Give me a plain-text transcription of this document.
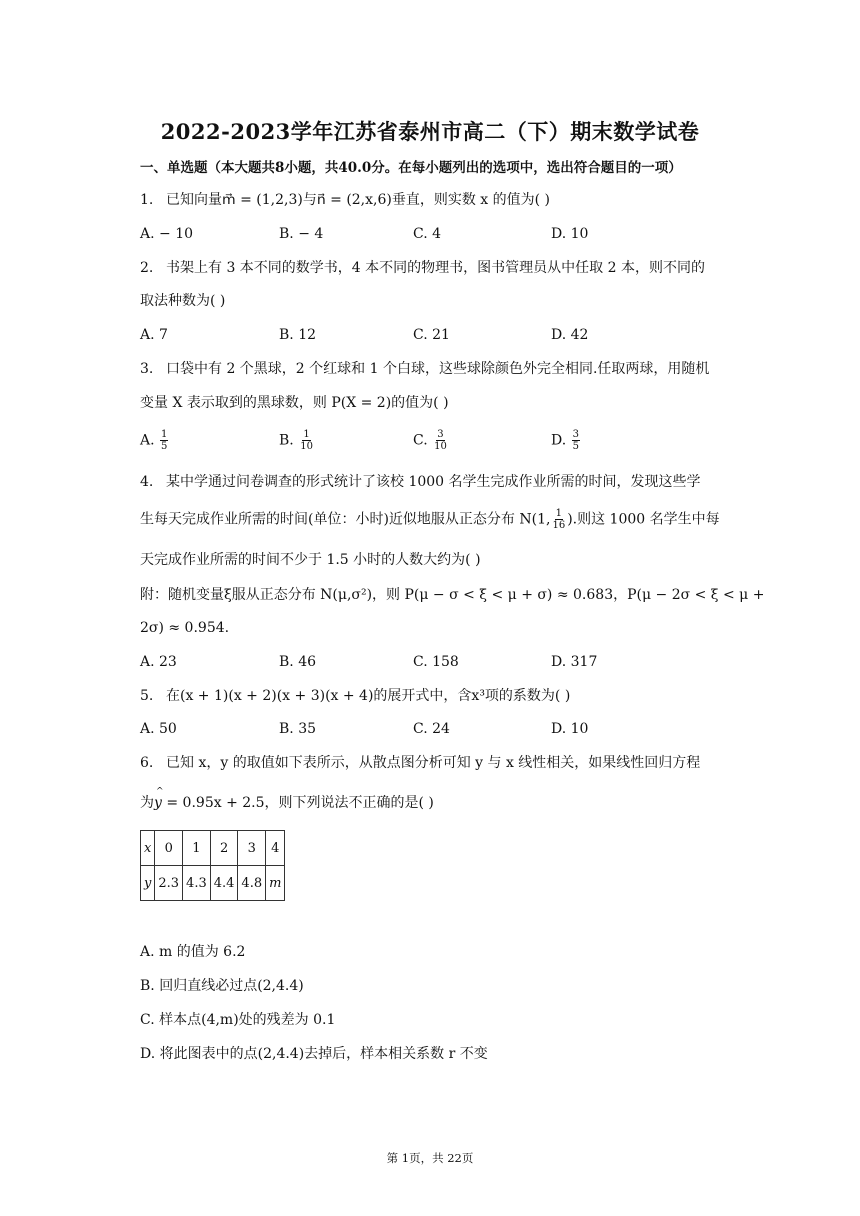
2022-2023学年江苏省泰州市高二（下）期末数学试卷
一、单选题（本大题共8小题，共40.0分。在每小题列出的选项中，选出符合题目的一项）
1. 已知向量m⃗ = (1,2,3)与n⃗ = (2,x,6)垂直，则实数 x 的值为( )
A. − 10	B. − 4	C. 4	D. 10
2. 书架上有 3 本不同的数学书，4 本不同的物理书，图书管理员从中任取 2 本，则不同的
取法种数为( )
A. 7	B. 12	C. 21	D. 42
3. 口袋中有 2 个黑球，2 个红球和 1 个白球，这些球除颜色外完全相同.任取两球，用随机
变量 X 表示取到的黑球数，则 P(X = 2)的值为( )
A. $\frac{1}{5}$	B. $\frac{1}{10}$	C. $\frac{3}{10}$	D. $\frac{3}{5}$
4. 某中学通过问卷调查的形式统计了该校 1000 名学生完成作业所需的时间，发现这些学
生每天完成作业所需的时间(单位：小时)近似地服从正态分布 N(1, $\frac{1}{16}$ ).则这 1000 名学生中每
天完成作业所需的时间不少于 1.5 小时的人数大约为( )
附：随机变量ξ服从正态分布 N(μ,σ²)，则 P(μ − σ < ξ < μ + σ) ≈ 0.683，P(μ − 2σ < ξ < μ +
2σ) ≈ 0.954.
A. 23	B. 46	C. 158	D. 317
5. 在(x + 1)(x + 2)(x + 3)(x + 4)的展开式中，含x³项的系数为( )
A. 50	B. 35	C. 24	D. 10
6. 已知 x，y 的取值如下表所示，从散点图分析可知 y 与 x 线性相关，如果线性回归方程
为^ y = 0.95x + 2.5，则下列说法不正确的是( )
x	0	1	2	3	4
y	2.3	4.3	4.4	4.8	m
A. m 的值为 6.2
B. 回归直线必过点(2,4.4)
C. 样本点(4,m)处的残差为 0.1
D. 将此图表中的点(2,4.4)去掉后，样本相关系数 r 不变
第 1页，共 22页
